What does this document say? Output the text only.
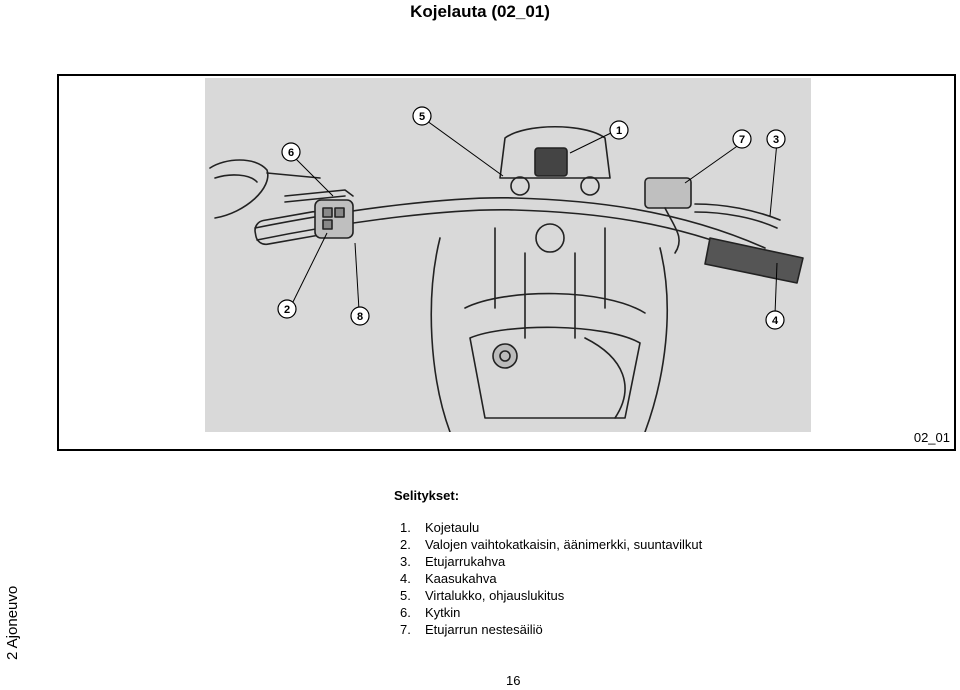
Kojelauta (02_01)
1
2
3
4
5
6
7
8
02_01
Selitykset:
1. Kojetaulu
2. Valojen vaihtokatkaisin, äänimerkki, suuntavilkut
3. Etujarrukahva
4. Kaasukahva
5. Virtalukko, ohjauslukitus
6. Kytkin
7. Etujarrun nestesäiliö
2 Ajoneuvo
16
